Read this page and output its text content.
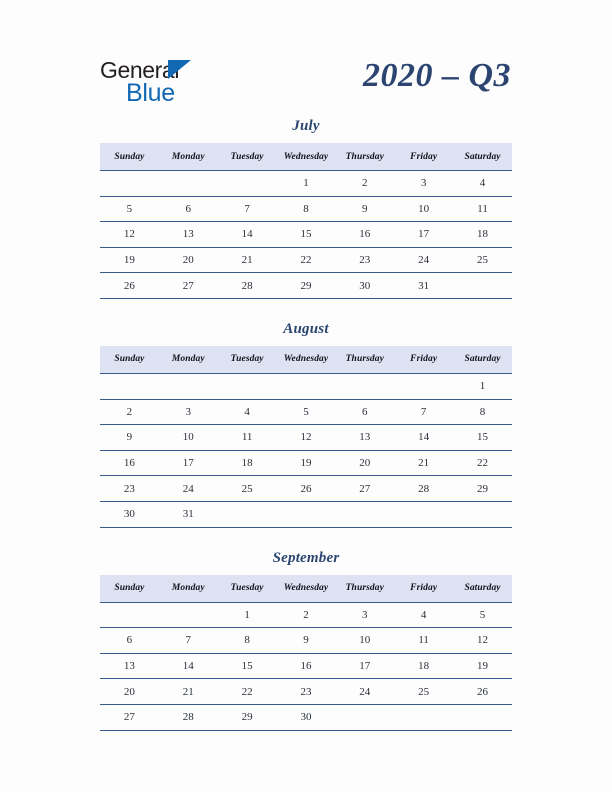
General
Blue	2020 – Q3
July
Sunday	Monday	Tuesday	Wednesday	Thursday	Friday	Saturday
			1	2	3	4
5	6	7	8	9	10	11
12	13	14	15	16	17	18
19	20	21	22	23	24	25
26	27	28	29	30	31	
August
Sunday	Monday	Tuesday	Wednesday	Thursday	Friday	Saturday
						1
2	3	4	5	6	7	8
9	10	11	12	13	14	15
16	17	18	19	20	21	22
23	24	25	26	27	28	29
30	31					
September
Sunday	Monday	Tuesday	Wednesday	Thursday	Friday	Saturday
		1	2	3	4	5
6	7	8	9	10	11	12
13	14	15	16	17	18	19
20	21	22	23	24	25	26
27	28	29	30			
